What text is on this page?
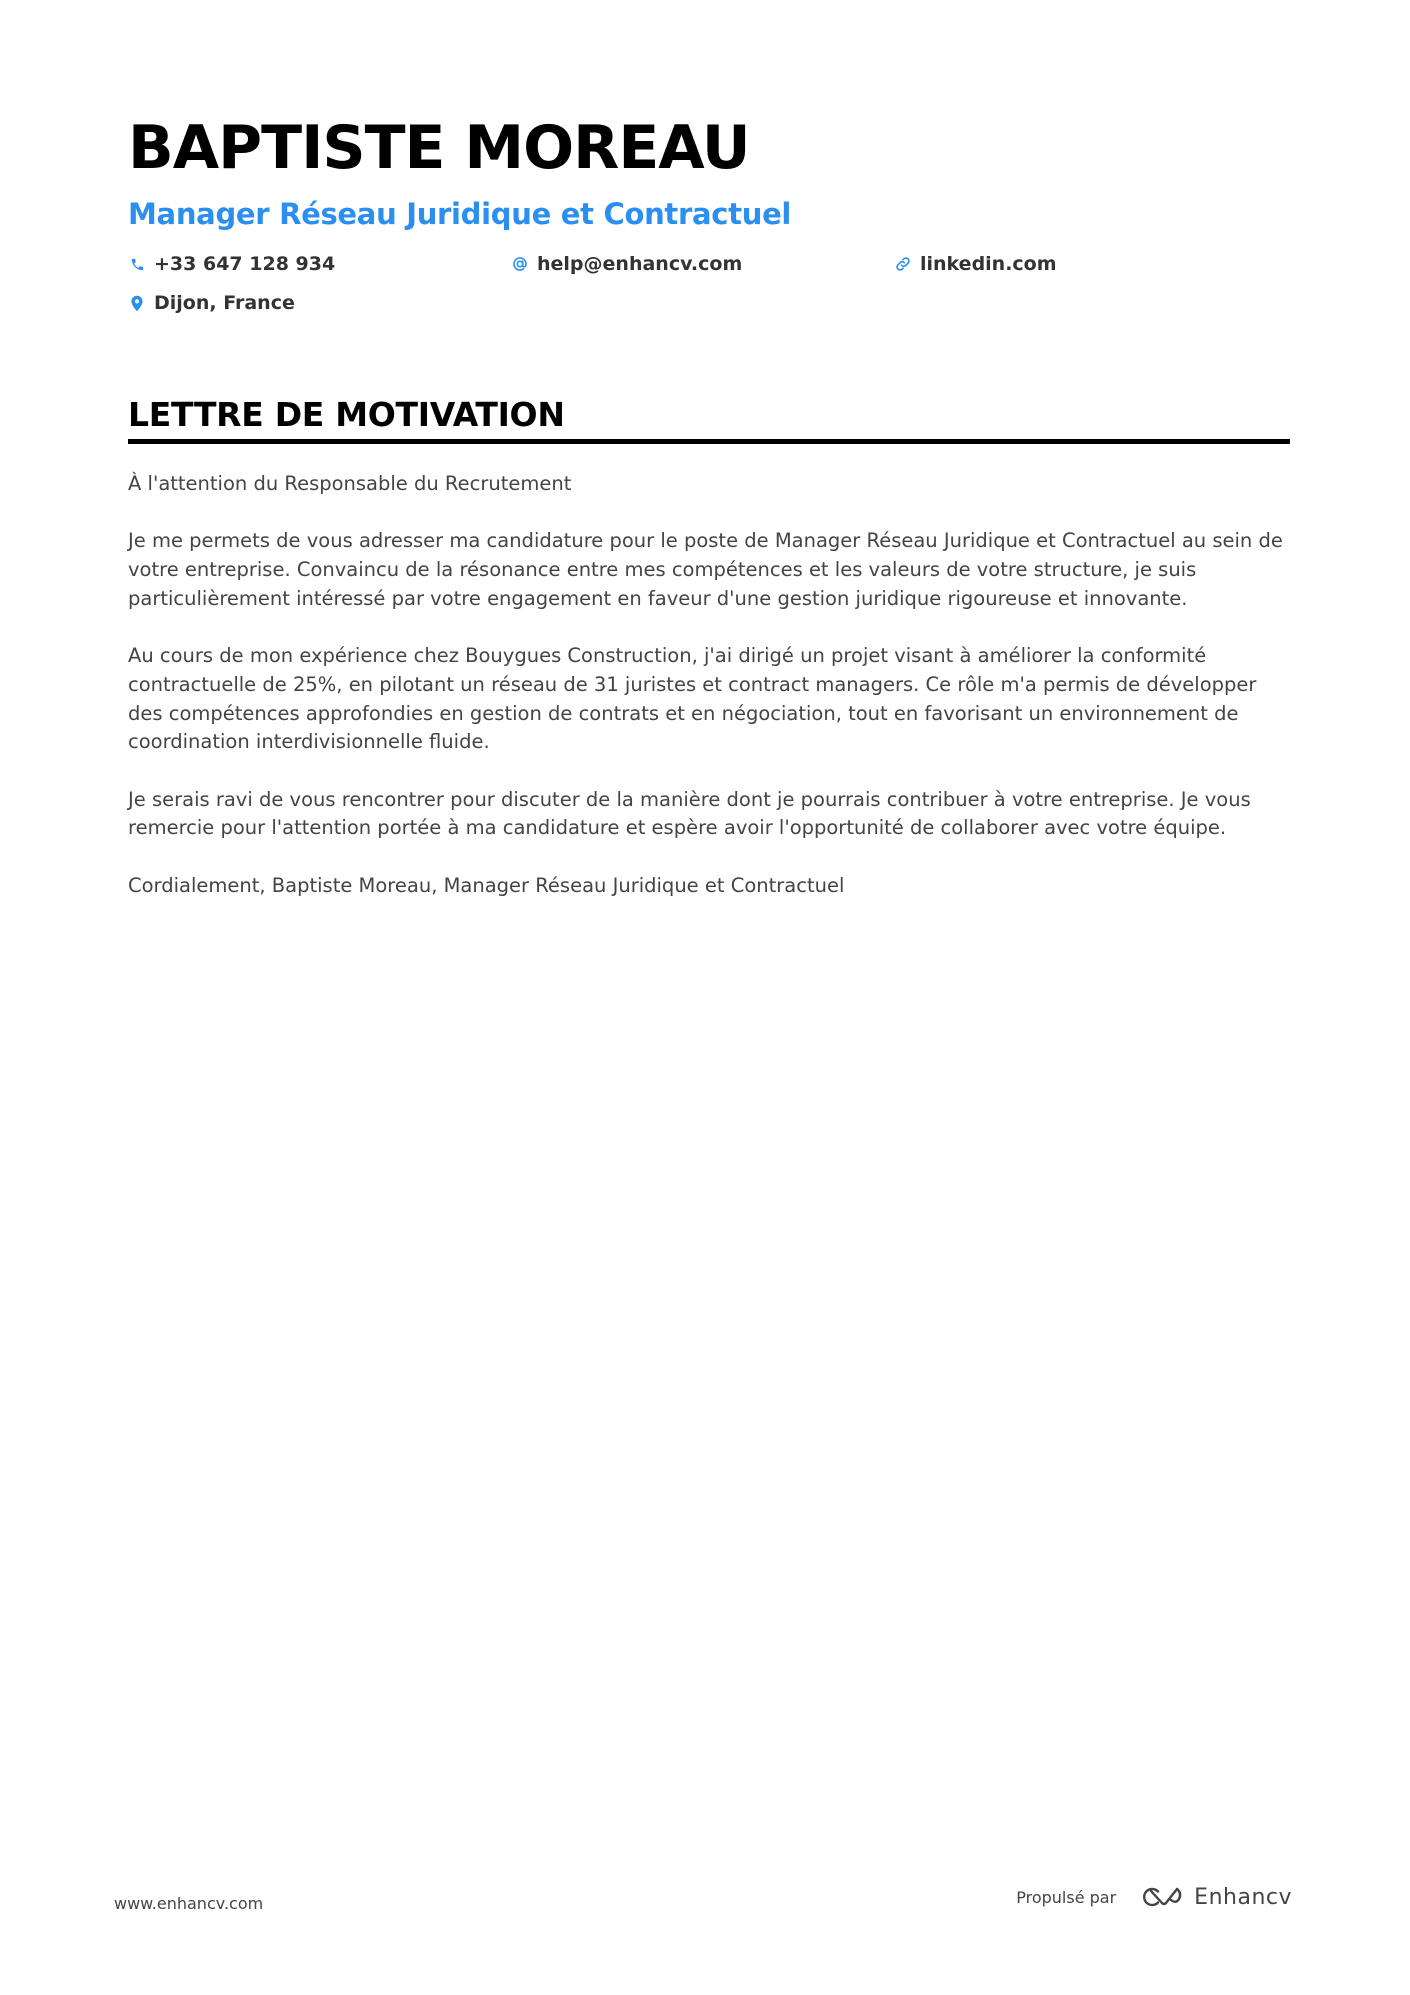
BAPTISTE MOREAU
Manager Réseau Juridique et Contractuel
+33 647 128 934	help@enhancv.com	linkedin.com
Dijon, France
LETTRE DE MOTIVATION

À l'attention du Responsable du Recrutement

Je me permets de vous adresser ma candidature pour le poste de Manager Réseau Juridique et Contractuel au sein de votre entreprise. Convaincu de la résonance entre mes compétences et les valeurs de votre structure, je suis particulièrement intéressé par votre engagement en faveur d'une gestion juridique rigoureuse et innovante.

Au cours de mon expérience chez Bouygues Construction, j'ai dirigé un projet visant à améliorer la conformité contractuelle de 25%, en pilotant un réseau de 31 juristes et contract managers. Ce rôle m'a permis de développer des compétences approfondies en gestion de contrats et en négociation, tout en favorisant un environnement de coordination interdivisionnelle fluide.

Je serais ravi de vous rencontrer pour discuter de la manière dont je pourrais contribuer à votre entreprise. Je vous remercie pour l'attention portée à ma candidature et espère avoir l'opportunité de collaborer avec votre équipe.

Cordialement, Baptiste Moreau, Manager Réseau Juridique et Contractuel

www.enhancv.com	Propulsé par	Enhancv
